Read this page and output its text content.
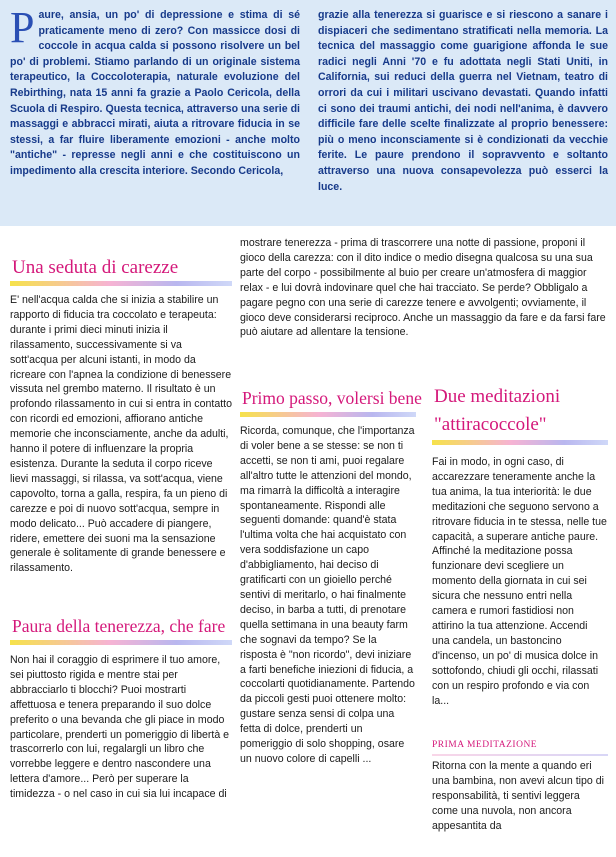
Paure, ansia, un po' di depressione e stima di sé praticamente meno di zero? Con massicce dosi di coccole in acqua calda si possono risolvere un bel po' di problemi. Stiamo parlando di un originale sistema terapeutico, la Coccoloterapia, naturale evoluzione del Rebirthing, nata 15 anni fa grazie a Paolo Cericola, della Scuola di Respiro. Questa tecnica, attraverso una serie di massaggi e abbracci mirati, aiuta a ritrovare fiducia in se stessi, a far fluire liberamente emozioni - anche molto "antiche" - represse negli anni e che costituiscono un impedimento alla crescita interiore. Secondo Cericola,
grazie alla tenerezza si guarisce e si riescono a sanare i dispiaceri che sedimentano stratificati nella memoria. La tecnica del massaggio come guarigione affonda le sue radici negli Anni '70 e fu adottata negli Stati Uniti, in California, sui reduci della guerra nel Vietnam, teatro di orrori da cui i militari uscivano devastati. Quando infatti ci sono dei traumi antichi, dei nodi nell'anima, è davvero difficile fare delle scelte finalizzate al proprio benessere: più o meno inconsciamente si è condizionati da vecchie ferite. Le paure prendono il sopravvento e soltanto attraverso una nuova consapevolezza può esserci la luce.
Una seduta di carezze
E' nell'acqua calda che si inizia a stabilire un rapporto di fiducia tra coccolato e terapeuta: durante i primi dieci minuti inizia il rilassamento, successivamente si va sott'acqua per alcuni istanti, in modo da ricreare con l'apnea la condizione di benessere vissuta nel grembo materno. Il risultato è un profondo rilassamento in cui si entra in contatto con ricordi ed emozioni, affiorano antiche memorie che inconsciamente, anche da adulti, hanno il potere di influenzare la propria esistenza. Durante la seduta il corpo riceve lievi massaggi, si rilassa, va sott'acqua, viene capovolto, torna a galla, respira, fa un pieno di carezze e poi di nuovo sott'acqua, sempre in modo delicato... Può accadere di piangere, ridere, emettere dei suoni ma la sensazione generale è solitamente di grande benessere e rilassamento.
Paura della tenerezza, che fare
Non hai il coraggio di esprimere il tuo amore, sei piuttosto rigida e mentre stai per abbracciarlo ti blocchi? Puoi mostrarti affettuosa e tenera preparando il suo dolce preferito o una bevanda che gli piace in modo particolare, prenderti un pomeriggio di libertà e trascorrerlo con lui, regalargli un libro che vorrebbe leggere e dentro nascondere una lettera d'amore... Però per superare la timidezza - o nel caso in cui sia lui incapace di
mostrare tenerezza - prima di trascorrere una notte di passione, proponi il gioco della carezza: con il dito indice o medio disegna qualcosa su una sua parte del corpo - possibilmente al buio per creare un'atmosfera di maggior relax - e lui dovrà indovinare quel che hai tracciato. Se perde? Obbligalo a pagare pegno con una serie di carezze tenere e avvolgenti; ovviamente, il gioco deve considerarsi reciproco. Anche un massaggio da fare e da farsi fare può aiutare ad allentare la tensione.
Primo passo, volersi bene
Ricorda, comunque, che l'importanza di voler bene a se stesse: se non ti accetti, se non ti ami, puoi regalare all'altro tutte le attenzioni del mondo, ma rimarrà la difficoltà a interagire spontaneamente. Rispondi alle seguenti domande: quand'è stata l'ultima volta che hai acquistato con vera soddisfazione un capo d'abbigliamento, hai deciso di gratificarti con un gioiello perché sentivi di meritarlo, o hai finalmente deciso, in barba a tutti, di prenotare quella settimana in una beauty farm che sognavi da tempo? Se la risposta è "non ricordo", devi iniziare a farti benefiche iniezioni di fiducia, a coccolarti quotidianamente. Partendo da piccoli gesti puoi ottenere molto: gustare senza sensi di colpa una fetta di dolce, prenderti un pomeriggio di solo shopping, osare un nuovo colore di capelli ...
Due meditazioni
"attiracoccole"
Fai in modo, in ogni caso, di accarezzare teneramente anche la tua anima, la tua interiorità: le due meditazioni che seguono servono a ritrovare fiducia in te stessa, nelle tue capacità, a superare antiche paure. Affinché la meditazione possa funzionare devi scegliere un momento della giornata in cui sei sicura che nessuno entri nella camera e rumori fastidiosi non attirino la tua attenzione. Accendi una candela, un bastoncino d'incenso, un po' di musica dolce in sottofondo, chiudi gli occhi, rilassati con un respiro profondo e via con la...
PRIMA MEDITAZIONE
Ritorna con la mente a quando eri una bambina, non avevi alcun tipo di responsabilità, ti sentivi leggera come una nuvola, non ancora appesantita da
